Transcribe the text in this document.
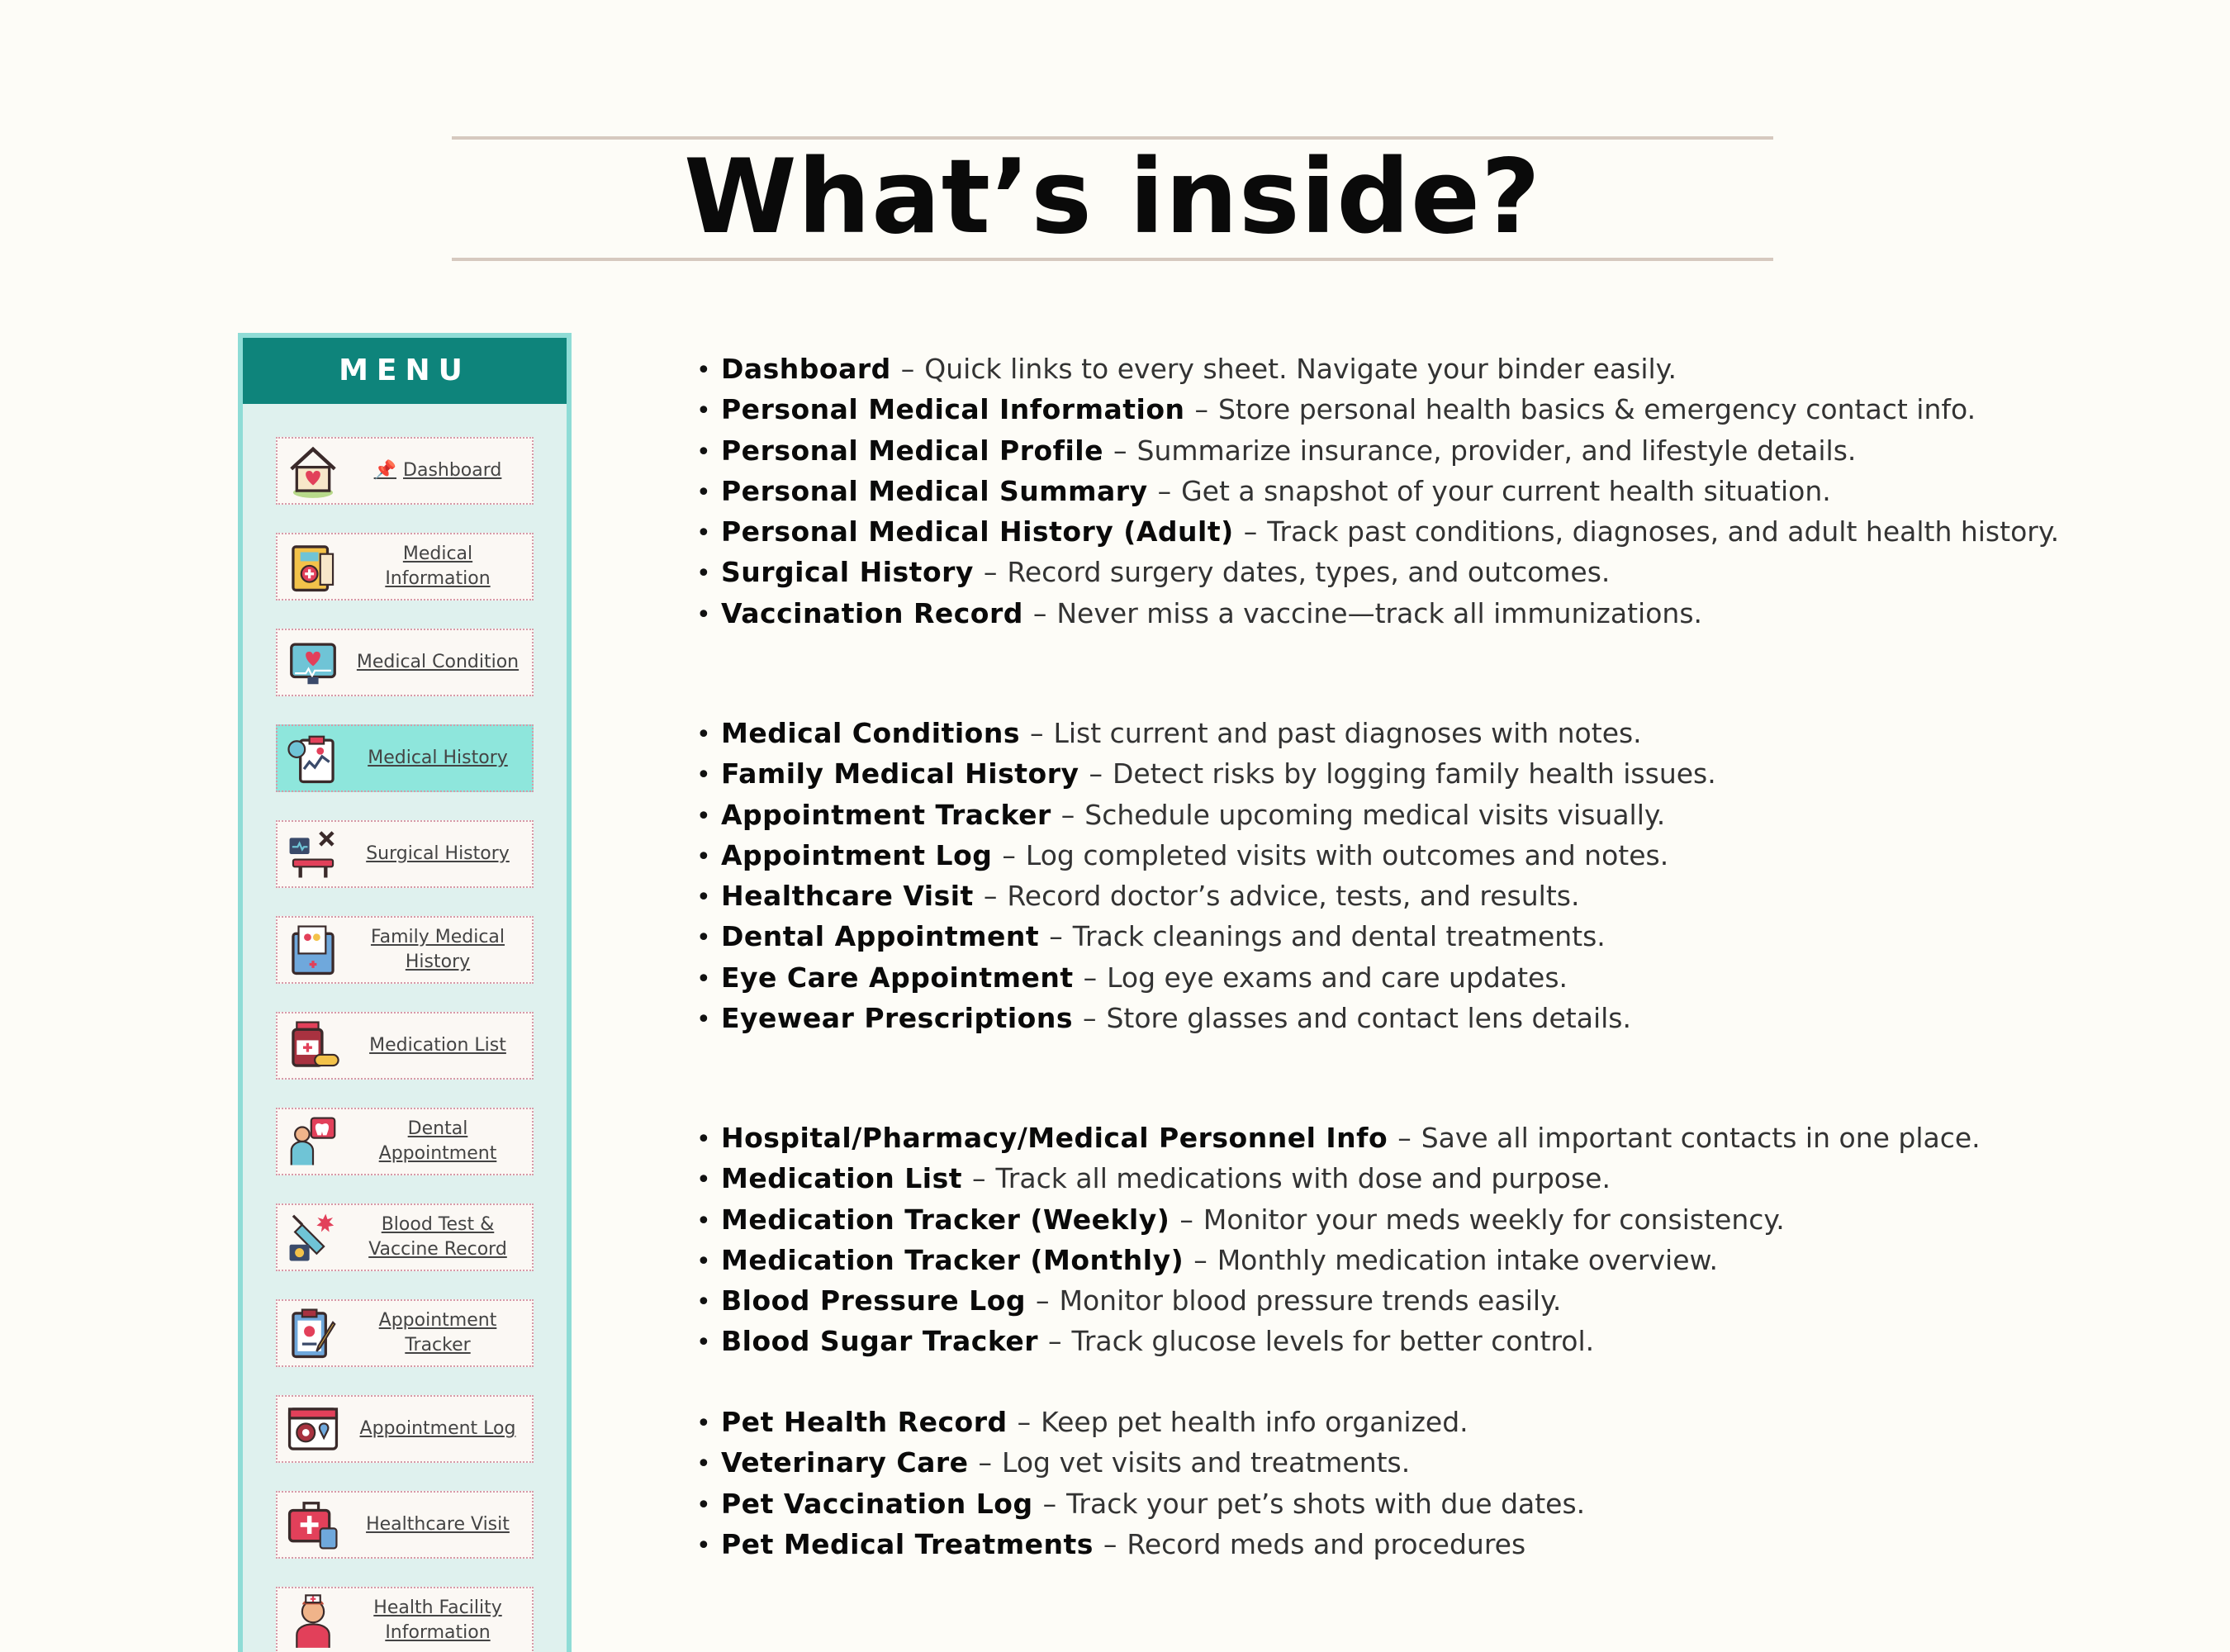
What’s inside?
MENU
📌 Dashboard
Medical Information
Medical Condition
Medical History
Surgical History
Family Medical History
Medication List
Dental Appointment
Blood Test & Vaccine Record
Appointment Tracker
Appointment Log
Healthcare Visit
Health Facility Information
• Dashboard – Quick links to every sheet. Navigate your binder easily.
• Personal Medical Information – Store personal health basics & emergency contact info.
• Personal Medical Profile – Summarize insurance, provider, and lifestyle details.
• Personal Medical Summary – Get a snapshot of your current health situation.
• Personal Medical History (Adult) – Track past conditions, diagnoses, and adult health history.
• Surgical History – Record surgery dates, types, and outcomes.
• Vaccination Record – Never miss a vaccine—track all immunizations.
• Medical Conditions – List current and past diagnoses with notes.
• Family Medical History – Detect risks by logging family health issues.
• Appointment Tracker – Schedule upcoming medical visits visually.
• Appointment Log – Log completed visits with outcomes and notes.
• Healthcare Visit – Record doctor’s advice, tests, and results.
• Dental Appointment – Track cleanings and dental treatments.
• Eye Care Appointment – Log eye exams and care updates.
• Eyewear Prescriptions – Store glasses and contact lens details.
• Hospital/Pharmacy/Medical Personnel Info – Save all important contacts in one place.
• Medication List – Track all medications with dose and purpose.
• Medication Tracker (Weekly) – Monitor your meds weekly for consistency.
• Medication Tracker (Monthly) – Monthly medication intake overview.
• Blood Pressure Log – Monitor blood pressure trends easily.
• Blood Sugar Tracker – Track glucose levels for better control.
• Pet Health Record – Keep pet health info organized.
• Veterinary Care – Log vet visits and treatments.
• Pet Vaccination Log – Track your pet’s shots with due dates.
• Pet Medical Treatments – Record meds and procedures
